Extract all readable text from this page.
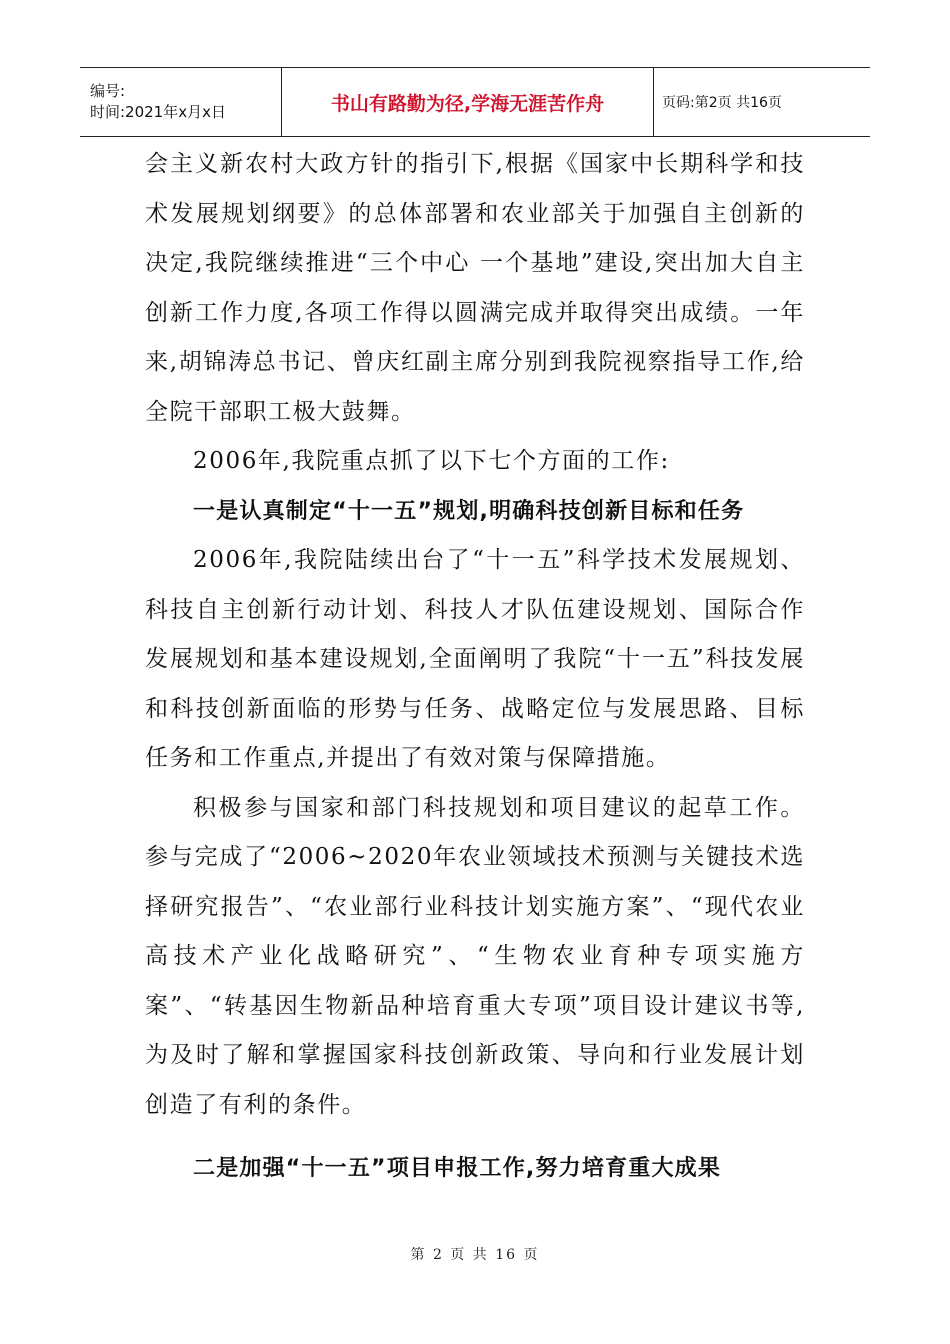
编号:
时间:2021年x月x日	书山有路勤为径,学海无涯苦作舟	页码:第2页 共16页

会主义新农村大政方针的指引下,根据《国家中长期科学和技术发展规划纲要》的总体部署和农业部关于加强自主创新的决定,我院继续推进“三个中心 一个基地”建设,突出加大自主创新工作力度,各项工作得以圆满完成并取得突出成绩。一年来,胡锦涛总书记、曾庆红副主席分别到我院视察指导工作,给全院干部职工极大鼓舞。

2006年,我院重点抓了以下七个方面的工作:

一是认真制定“十一五”规划,明确科技创新目标和任务

2006年,我院陆续出台了“十一五”科学技术发展规划、科技自主创新行动计划、科技人才队伍建设规划、国际合作发展规划和基本建设规划,全面阐明了我院“十一五”科技发展和科技创新面临的形势与任务、战略定位与发展思路、目标任务和工作重点,并提出了有效对策与保障措施。

积极参与国家和部门科技规划和项目建议的起草工作。参与完成了“2006~2020年农业领域技术预测与关键技术选择研究报告”、“农业部行业科技计划实施方案”、“现代农业高技术产业化战略研究”、“生物农业育种专项实施方案”、“转基因生物新品种培育重大专项”项目设计建议书等,为及时了解和掌握国家科技创新政策、导向和行业发展计划创造了有利的条件。

二是加强“十一五”项目申报工作,努力培育重大成果

第 2 页 共 16 页
